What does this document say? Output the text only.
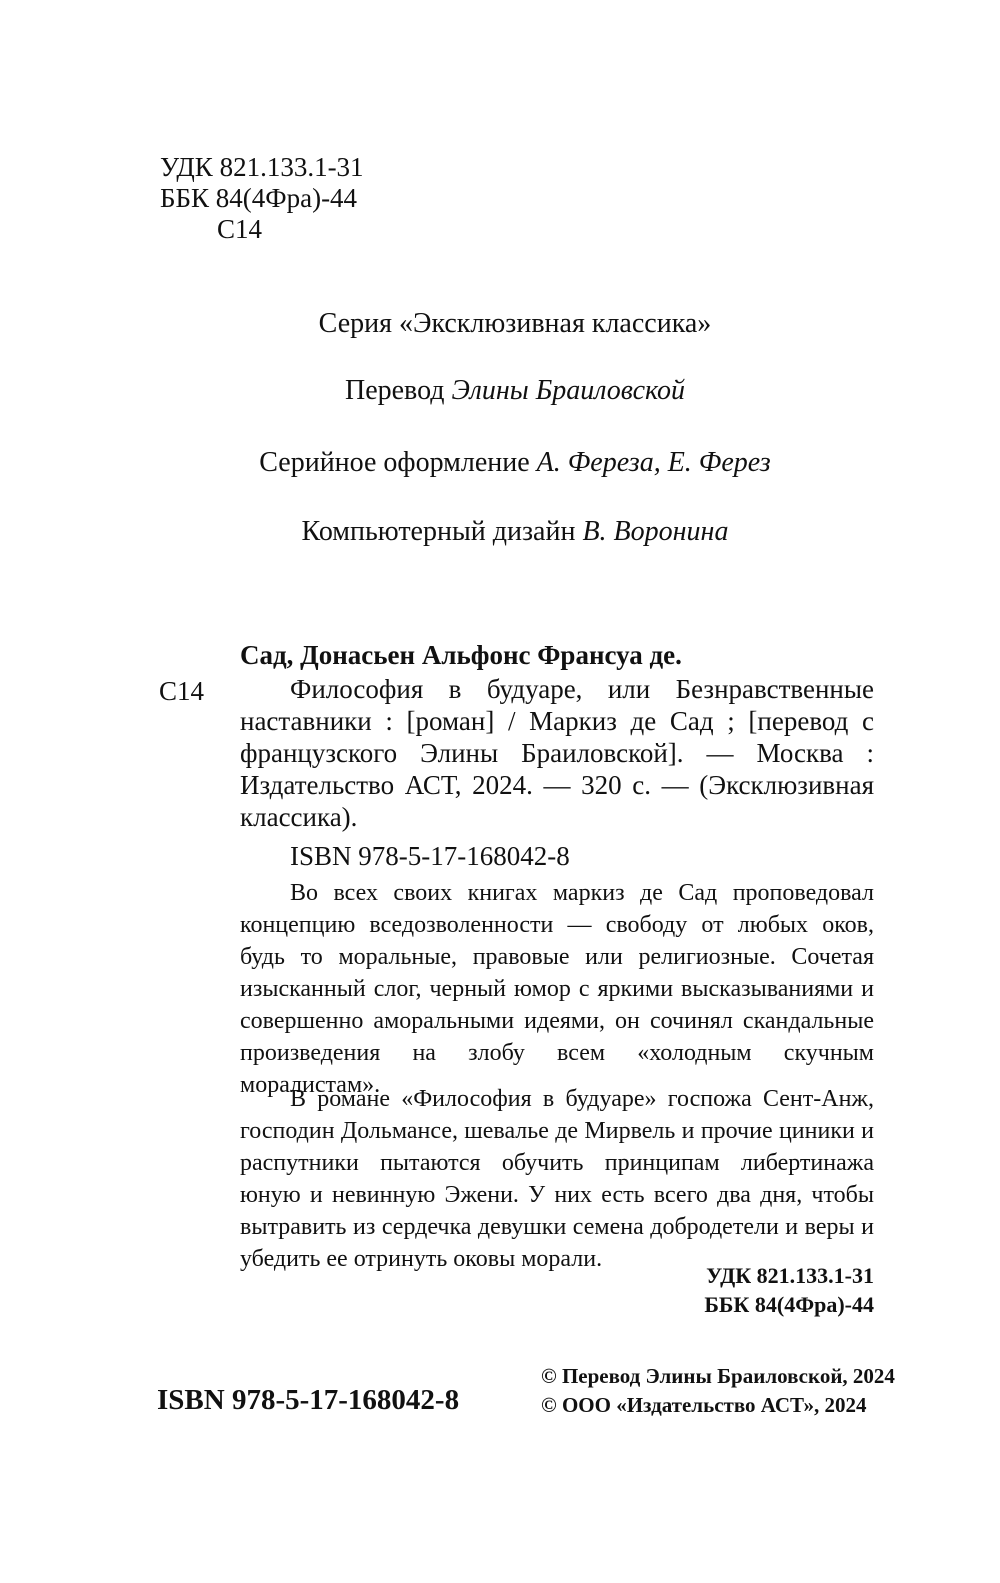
УДК 821.133.1-31
ББК 84(4Фра)-44
С14
Серия «Эксклюзивная классика»
Перевод Элины Браиловской
Серийное оформление А. Фереза, Е. Ферез
Компьютерный дизайн В. Воронина
Сад, Донасьен Альфонс Франсуа де.
С14	Философия в будуаре, или Безнравственные наставники : [роман] / Маркиз де Сад ; [перевод с французского Элины Браиловской]. — Москва : Издательство АСТ, 2024. — 320 с. — (Эксклюзивная классика).
ISBN 978-5-17-168042-8

Во всех своих книгах маркиз де Сад проповедовал концепцию вседозволенности — свободу от любых оков, будь то моральные, правовые или религиозные. Сочетая изысканный слог, черный юмор с яркими высказываниями и совершенно аморальными идеями, он сочинял скандальные произведения на злобу всем «холодным скучным моралистам».

В романе «Философия в будуаре» госпожа Сент-Анж, господин Дольмансе, шевалье де Мирвель и прочие циники и распутники пытаются обучить принципам либертинажа юную и невинную Эжени. У них есть всего два дня, чтобы вытравить из сердечка девушки семена добродетели и веры и убедить ее отринуть оковы морали.

УДК 821.133.1-31
ББК 84(4Фра)-44
ISBN 978-5-17-168042-8
© Перевод Элины Браиловской, 2024
© ООО «Издательство АСТ», 2024
